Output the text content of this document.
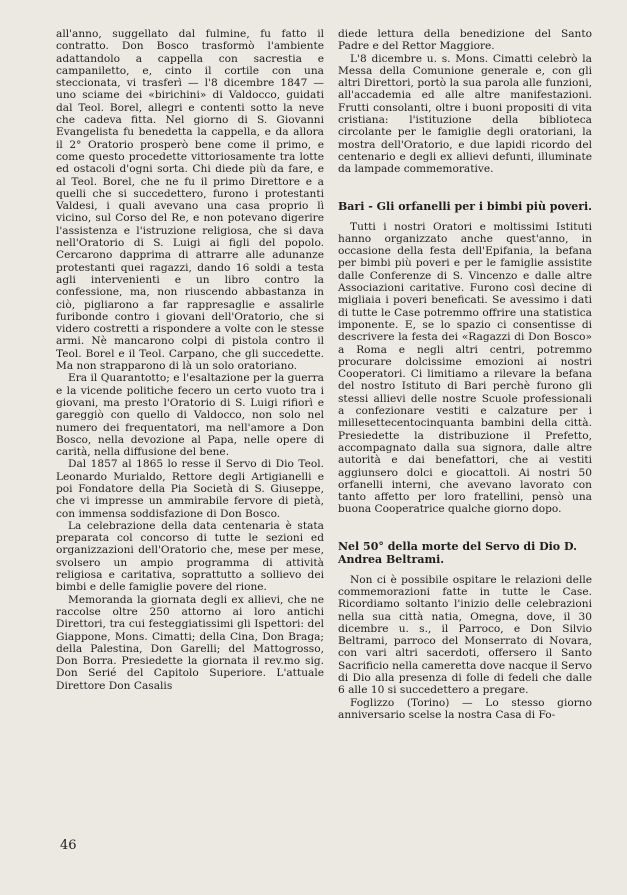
all'anno, suggellato dal fulmine, fu fatto il contratto. Don Bosco trasformò l'ambiente adattandolo a cappella con sacrestia e campaniletto, e, cinto il cortile con una steccionata, vi trasferì — l'8 dicembre 1847 — uno sciame dei «birichini» di Valdocco, guidati dal Teol. Borel, allegri e contenti sotto la neve che cadeva fitta. Nel giorno di S. Giovanni Evangelista fu benedetta la cappella, e da allora il 2° Oratorio prosperò bene come il primo, e come questo procedette vittoriosamente tra lotte ed ostacoli d'ogni sorta. Chi diede più da fare, e al Teol. Borel, che ne fu il primo Direttore e a quelli che si succedettero, furono i protestanti Valdesi, i quali avevano una casa proprio lì vicino, sul Corso del Re, e non potevano digerire l'assistenza e l'istruzione religiosa, che si dava nell'Oratorio di S. Luigi ai figli del popolo. Cercarono dapprima di attrarre alle adunanze protestanti quei ragazzi, dando 16 soldi a testa agli intervenienti e un libro contro la confessione, ma, non riuscendo abbastanza in ciò, pigliarono a far rappresaglie e assalirle furibonde contro i giovani dell'Oratorio, che si videro costretti a rispondere a volte con le stesse armi. Nè mancarono colpi di pistola contro il Teol. Borel e il Teol. Carpano, che gli succedette. Ma non strapparono di là un solo oratoriano.

Era il Quarantotto; e l'esaltazione per la guerra e la vicende politiche fecero un certo vuoto tra i giovani, ma presto l'Oratorio di S. Luigi rifiorì e gareggiò con quello di Valdocco, non solo nel numero dei frequentatori, ma nell'amore a Don Bosco, nella devozione al Papa, nelle opere di carità, nella diffusione del bene.

Dal 1857 al 1865 lo resse il Servo di Dio Teol. Leonardo Murialdo, Rettore degli Artigianelli e poi Fondatore della Pia Società di S. Giuseppe, che vi impresse un ammirabile fervore di pietà, con immensa soddisfazione di Don Bosco.

La celebrazione della data centenaria è stata preparata col concorso di tutte le sezioni ed organizzazioni dell'Oratorio che, mese per mese, svolsero un ampio programma di attività religiosa e caritativa, soprattutto a sollievo dei bimbi e delle famiglie povere del rione.

Memoranda la giornata degli ex allievi, che ne raccolse oltre 250 attorno ai loro antichi Direttori, tra cui festeggiatissimi gli Ispettori: del Giappone, Mons. Cimatti; della Cina, Don Braga; della Palestina, Don Garelli; del Mattogrosso, Don Borra. Presiedette la giornata il rev.mo sig. Don Serié del Capitolo Superiore. L'attuale Direttore Don Casalis

diede lettura della benedizione del Santo Padre e del Rettor Maggiore.

L'8 dicembre u. s. Mons. Cimatti celebrò la Messa della Comunione generale e, con gli altri Direttori, portò la sua parola alle funzioni, all'accademia ed alle altre manifestazioni. Frutti consolanti, oltre i buoni propositi di vita cristiana: l'istituzione della biblioteca circolante per le famiglie degli oratoriani, la mostra dell'Oratorio, e due lapidi ricordo del centenario e degli ex allievi defunti, illuminate da lampade commemorative.

Bari - Gli orfanelli per i bimbi più poveri.

Tutti i nostri Oratori e moltissimi Istituti hanno organizzato anche quest'anno, in occasione della festa dell'Epifania, la befana per bimbi più poveri e per le famiglie assistite dalle Conferenze di S. Vincenzo e dalle altre Associazioni caritative. Furono così decine di migliaia i poveri beneficati. Se avessimo i dati di tutte le Case potremmo offrire una statistica imponente. E, se lo spazio ci consentisse di descrivere la festa dei «Ragazzi di Don Bosco» a Roma e negli altri centri, potremmo procurare dolcissime emozioni ai nostri Cooperatori. Ci limitiamo a rilevare la befana del nostro Istituto di Bari perchè furono gli stessi allievi delle nostre Scuole professionali a confezionare vestiti e calzature per i millesettecentocinquanta bambini della città. Presiedette la distribuzione il Prefetto, accompagnato dalla sua signora, dalle altre autorità e dai benefattori, che ai vestiti aggiunsero dolci e giocattoli. Ai nostri 50 orfanelli interni, che avevano lavorato con tanto affetto per loro fratellini, pensò una buona Cooperatrice qualche giorno dopo.

Nel 50° della morte del Servo di Dio D. Andrea Beltrami.

Non ci è possibile ospitare le relazioni delle commemorazioni fatte in tutte le Case. Ricordiamo soltanto l'inizio delle celebrazioni nella sua città natia, Omegna, dove, il 30 dicembre u. s., il Parroco, e Don Silvio Beltrami, parroco del Monserrato di Novara, con vari altri sacerdoti, offersero il Santo Sacrificio nella cameretta dove nacque il Servo di Dio alla presenza di folle di fedeli che dalle 6 alle 10 si succedettero a pregare.

Foglizzo (Torino) — Lo stesso giorno anniversario scelse la nostra Casa di Fo-

46
